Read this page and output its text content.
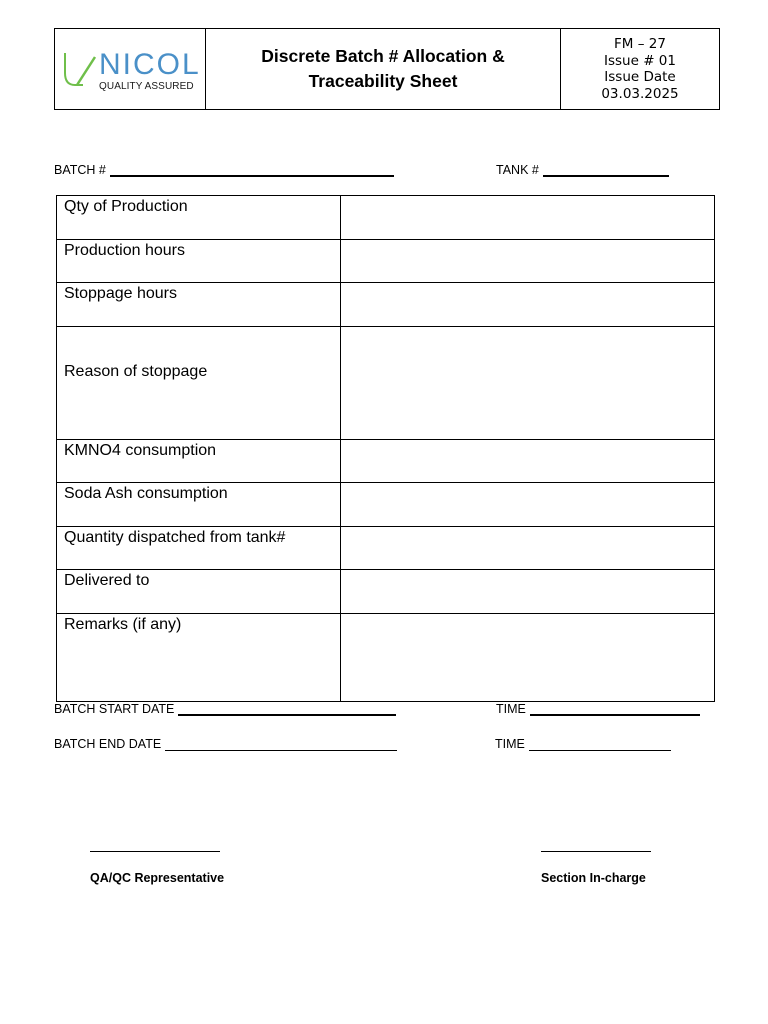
NICOL
QUALITY ASSURED
Discrete Batch # Allocation &
Traceability Sheet
FM – 27
Issue # 01
Issue Date
03.03.2025
BATCH #	TANK #
Qty of Production	
Production hours	
Stoppage hours	
Reason of stoppage	
KMNO4 consumption	
Soda Ash consumption	
Quantity dispatched from tank#	
Delivered to	
Remarks (if any)	
BATCH START DATE	TIME
BATCH END DATE	TIME
QA/QC Representative	Section In-charge
